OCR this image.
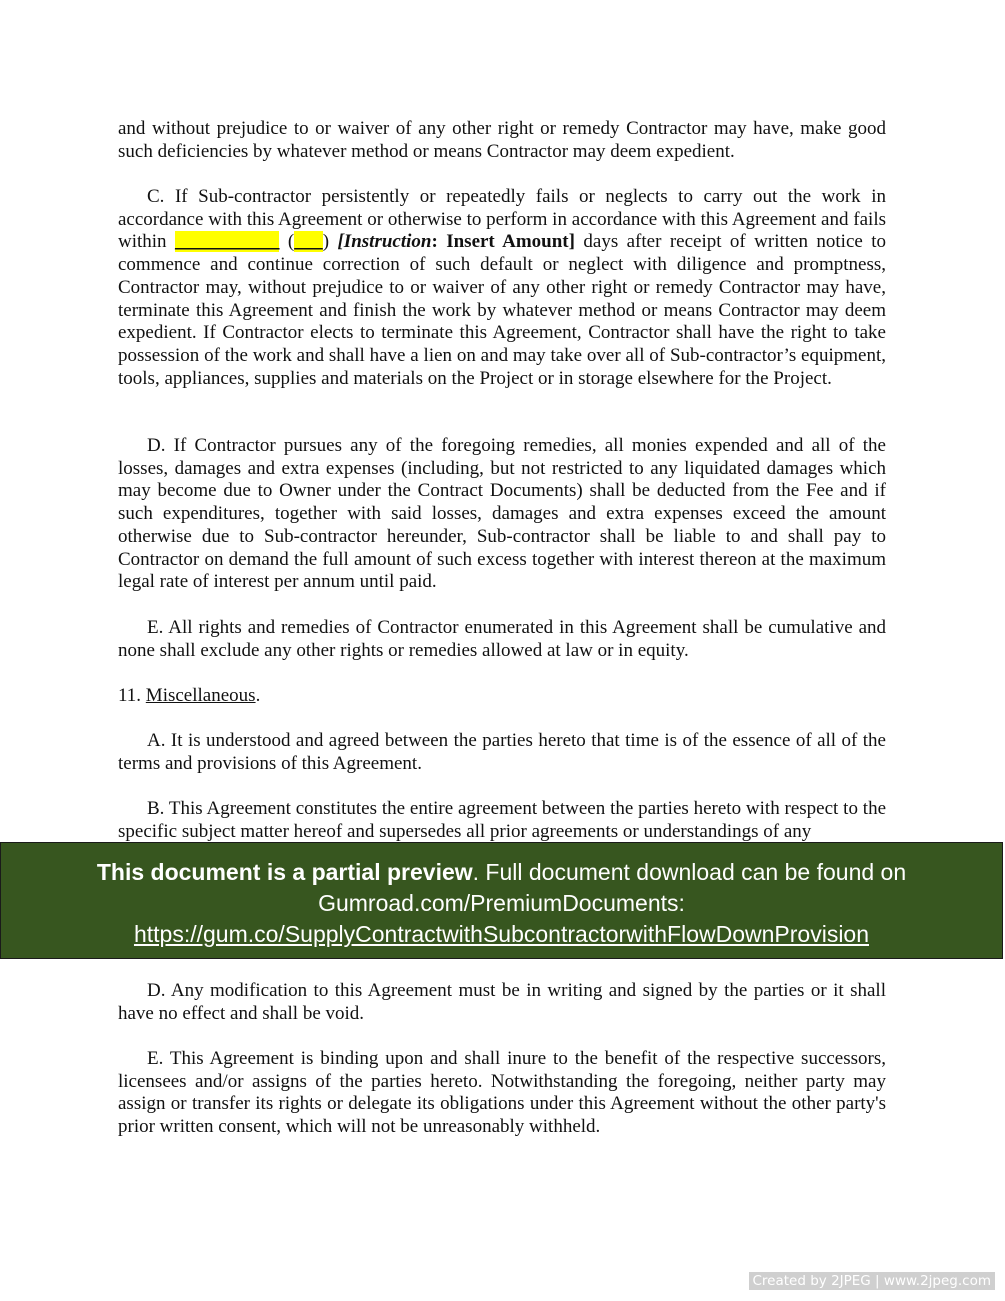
and without prejudice to or waiver of any other right or remedy Contractor may have, make good such deficiencies by whatever method or means Contractor may deem expedient.

C. If Sub-contractor persistently or repeatedly fails or neglects to carry out the work in accordance with this Agreement or otherwise to perform in accordance with this Agreement and fails within ___________ (___) [Instruction: Insert Amount] days after receipt of written notice to commence and continue correction of such default or neglect with diligence and promptness, Contractor may, without prejudice to or waiver of any other right or remedy Contractor may have, terminate this Agreement and finish the work by whatever method or means Contractor may deem expedient. If Contractor elects to terminate this Agreement, Contractor shall have the right to take possession of the work and shall have a lien on and may take over all of Sub-contractor’s equipment, tools, appliances, supplies and materials on the Project or in storage elsewhere for the Project.

D. If Contractor pursues any of the foregoing remedies, all monies expended and all of the losses, damages and extra expenses (including, but not restricted to any liquidated damages which may become due to Owner under the Contract Documents) shall be deducted from the Fee and if such expenditures, together with said losses, damages and extra expenses exceed the amount otherwise due to Sub-contractor hereunder, Sub-contractor shall be liable to and shall pay to Contractor on demand the full amount of such excess together with interest thereon at the maximum legal rate of interest per annum until paid.

E. All rights and remedies of Contractor enumerated in this Agreement shall be cumulative and none shall exclude any other rights or remedies allowed at law or in equity.

11. Miscellaneous.

A. It is understood and agreed between the parties hereto that time is of the essence of all of the terms and provisions of this Agreement.

B. This Agreement constitutes the entire agreement between the parties hereto with respect to the specific subject matter hereof and supersedes all prior agreements or understandings of any

This document is a partial preview. Full document download can be found on Gumroad.com/PremiumDocuments:
https://gum.co/SupplyContractwithSubcontractorwithFlowDownProvision

D. Any modification to this Agreement must be in writing and signed by the parties or it shall have no effect and shall be void.

E. This Agreement is binding upon and shall inure to the benefit of the respective successors, licensees and/or assigns of the parties hereto. Notwithstanding the foregoing, neither party may assign or transfer its rights or delegate its obligations under this Agreement without the other party's prior written consent, which will not be unreasonably withheld.

Created by 2JPEG | www.2jpeg.com
